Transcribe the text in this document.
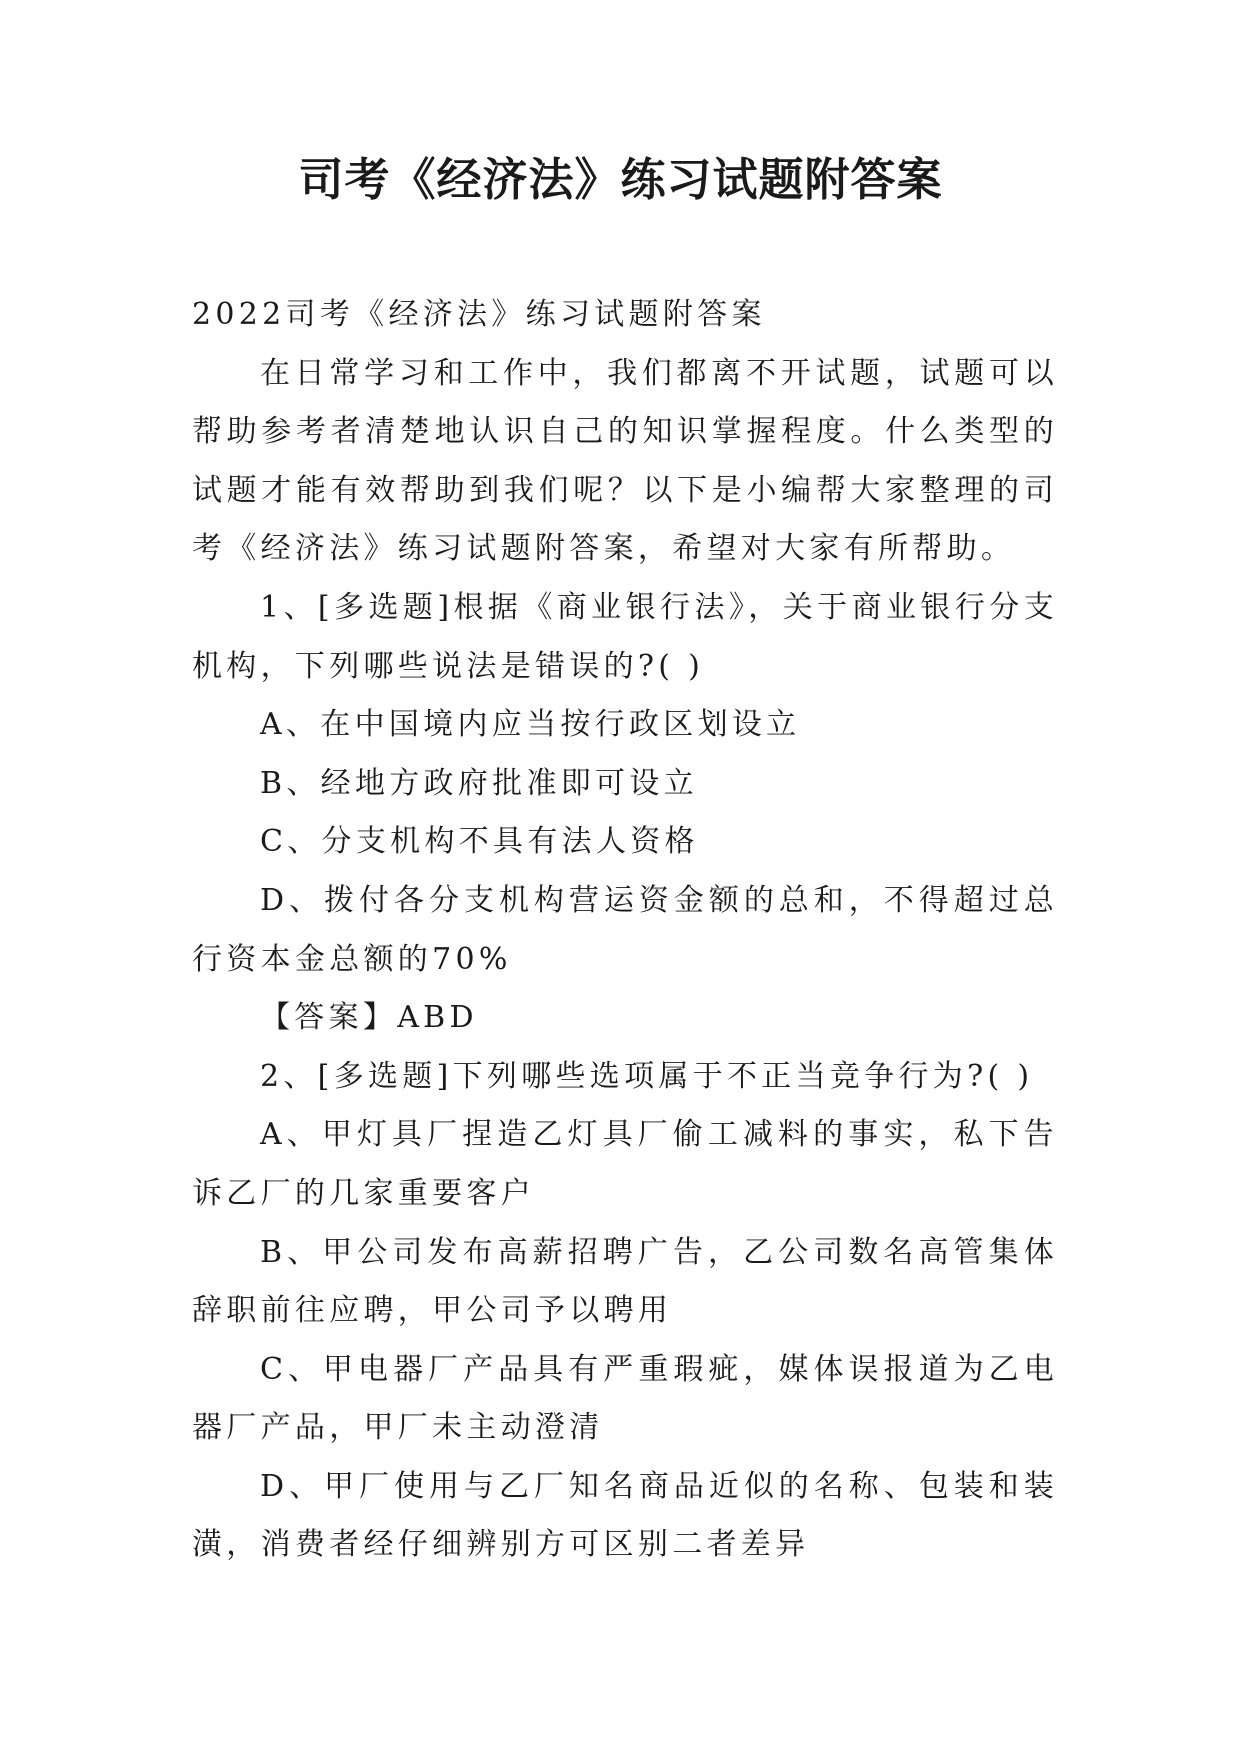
司考《经济法》练习试题附答案

2022司考《经济法》练习试题附答案

在日常学习和工作中，我们都离不开试题，试题可以帮助参考者清楚地认识自己的知识掌握程度。什么类型的试题才能有效帮助到我们呢？以下是小编帮大家整理的司考《经济法》练习试题附答案，希望对大家有所帮助。

1、[多选题]根据《商业银行法》，关于商业银行分支机构，下列哪些说法是错误的?( )

A、在中国境内应当按行政区划设立

B、经地方政府批准即可设立

C、分支机构不具有法人资格

D、拨付各分支机构营运资金额的总和，不得超过总行资本金总额的70%

【答案】ABD

2、[多选题]下列哪些选项属于不正当竞争行为?( )

A、甲灯具厂捏造乙灯具厂偷工减料的事实，私下告诉乙厂的几家重要客户

B、甲公司发布高薪招聘广告，乙公司数名高管集体辞职前往应聘，甲公司予以聘用

C、甲电器厂产品具有严重瑕疵，媒体误报道为乙电器厂产品，甲厂未主动澄清

D、甲厂使用与乙厂知名商品近似的名称、包装和装潢，消费者经仔细辨别方可区别二者差异
